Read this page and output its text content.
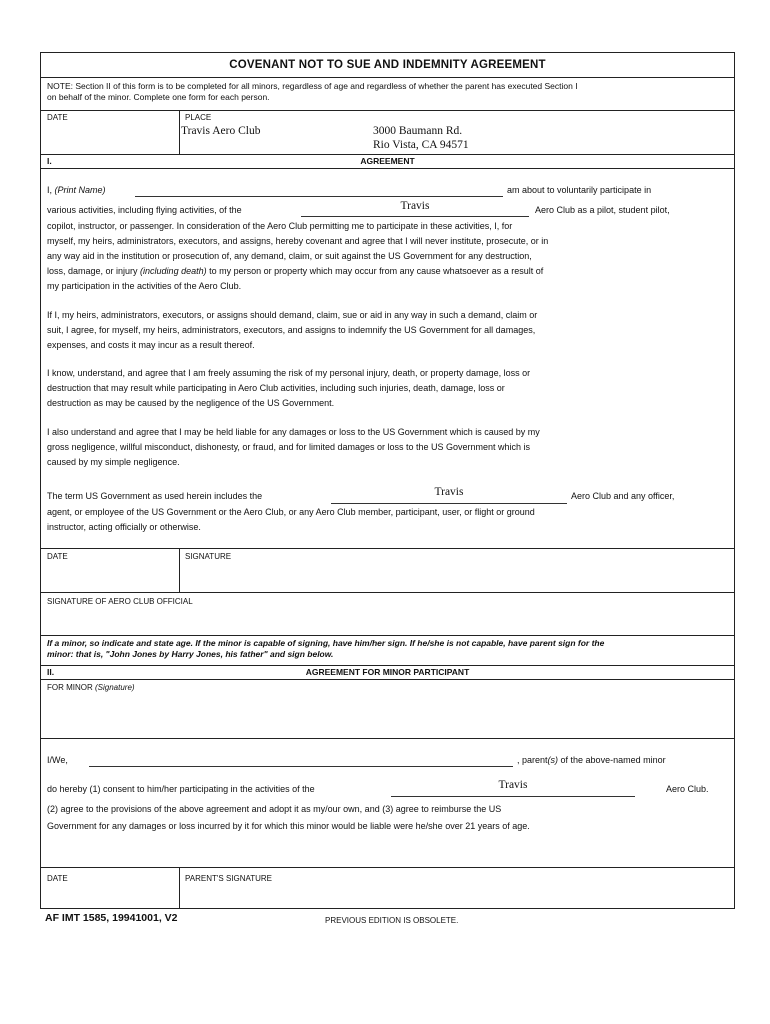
COVENANT NOT TO SUE AND INDEMNITY AGREEMENT
NOTE: Section II of this form is to be completed for all minors, regardless of age and regardless of whether the parent has executed Section I
on behalf of the minor. Complete one form for each person.
DATE	PLACE
Travis Aero Club	3000 Baumann Rd.
Rio Vista, CA 94571
I.	AGREEMENT
I, (Print Name)	am about to voluntarily participate in
various activities, including flying activities, of the	Travis	Aero Club as a pilot, student pilot,
copilot, instructor, or passenger. In consideration of the Aero Club permitting me to participate in these activities, I, for
myself, my heirs, administrators, executors, and assigns, hereby covenant and agree that I will never institute, prosecute, or in
any way aid in the institution or prosecution of, any demand, claim, or suit against the US Government for any destruction,
loss, damage, or injury (including death) to my person or property which may occur from any cause whatsoever as a result of
my participation in the activities of the Aero Club.
If I, my heirs, administrators, executors, or assigns should demand, claim, sue or aid in any way in such a demand, claim or
suit, I agree, for myself, my heirs, administrators, executors, and assigns to indemnify the US Government for all damages,
expenses, and costs it may incur as a result thereof.
I know, understand, and agree that I am freely assuming the risk of my personal injury, death, or property damage, loss or
destruction that may result while participating in Aero Club activities, including such injuries, death, damage, loss or
destruction as may be caused by the negligence of the US Government.
I also understand and agree that I may be held liable for any damages or loss to the US Government which is caused by my
gross negligence, willful misconduct, dishonesty, or fraud, and for limited damages or loss to the US Government which is
caused by my simple negligence.
The term US Government as used herein includes the	Travis	Aero Club and any officer,
agent, or employee of the US Government or the Aero Club, or any Aero Club member, participant, user, or flight or ground
instructor, acting officially or otherwise.
DATE	SIGNATURE
SIGNATURE OF AERO CLUB OFFICIAL
If a minor, so indicate and state age. If the minor is capable of signing, have him/her sign. If he/she is not capable, have parent sign for the
minor: that is, "John Jones by Harry Jones, his father" and sign below.
II.	AGREEMENT FOR MINOR PARTICIPANT
FOR MINOR (Signature)
I/We,	, parent(s) of the above-named minor
do hereby (1) consent to him/her participating in the activities of the	Travis	Aero Club.
(2) agree to the provisions of the above agreement and adopt it as my/our own, and (3) agree to reimburse the US
Government for any damages or loss incurred by it for which this minor would be liable were he/she over 21 years of age.
DATE	PARENT'S SIGNATURE
AF IMT 1585, 19941001, V2	PREVIOUS EDITION IS OBSOLETE.
